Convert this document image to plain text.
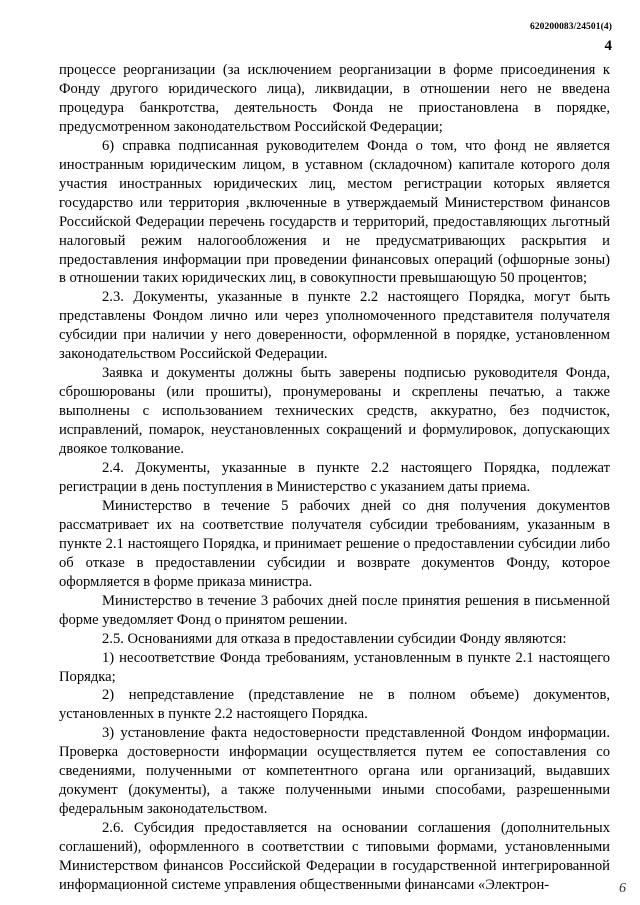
620200083/24501(4)
4

процессе реорганизации (за исключением реорганизации в форме присоединения к Фонду другого юридического лица), ликвидации, в отношении него не введена процедура банкротства, деятельность Фонда не приостановлена в порядке, предусмотренном законодательством Российской Федерации;

6) справка подписанная руководителем Фонда о том, что фонд не является иностранным юридическим лицом, в уставном (складочном) капитале которого доля участия иностранных юридических лиц, местом регистрации которых является государство или территория ,включенные в утверждаемый Министерством финансов Российской Федерации перечень государств и территорий, предоставляющих льготный налоговый режим налогообложения и не предусматривающих раскрытия и предоставления информации при проведении финансовых операций (офшорные зоны) в отношении таких юридических лиц, в совокупности превышающую 50 процентов;

2.3. Документы, указанные в пункте 2.2 настоящего Порядка, могут быть представлены Фондом лично или через уполномоченного представителя получателя субсидии при наличии у него доверенности, оформленной в порядке, установленном законодательством Российской Федерации.

Заявка и документы должны быть заверены подписью руководителя Фонда, сброшюрованы (или прошиты), пронумерованы и скреплены печатью, а также выполнены с использованием технических средств, аккуратно, без подчисток, исправлений, помарок, неустановленных сокращений и формулировок, допускающих двоякое толкование.

2.4. Документы, указанные в пункте 2.2 настоящего Порядка, подлежат регистрации в день поступления в Министерство с указанием даты приема.

Министерство в течение 5 рабочих дней со дня получения документов рассматривает их на соответствие получателя субсидии требованиям, указанным в пункте 2.1 настоящего Порядка, и принимает решение о предоставлении субсидии либо об отказе в предоставлении субсидии и возврате документов Фонду, которое оформляется в форме приказа министра.

Министерство в течение 3 рабочих дней после принятия решения в письменной форме уведомляет Фонд о принятом решении.

2.5. Основаниями для отказа в предоставлении субсидии Фонду являются:

1) несоответствие Фонда требованиям, установленным в пункте 2.1 настоящего Порядка;

2) непредставление (представление не в полном объеме) документов, установленных в пункте 2.2 настоящего Порядка.

3) установление факта недостоверности представленной Фондом информации. Проверка достоверности информации осуществляется путем ее сопоставления со сведениями, полученными от компетентного органа или организаций, выдавших документ (документы), а также полученными иными способами, разрешенными федеральным законодательством.

2.6. Субсидия предоставляется на основании соглашения (дополнительных соглашений), оформленного в соответствии с типовыми формами, установленными Министерством финансов Российской Федерации в государственной интегрированной информационной системе управления общественными финансами «Электрон-	6
